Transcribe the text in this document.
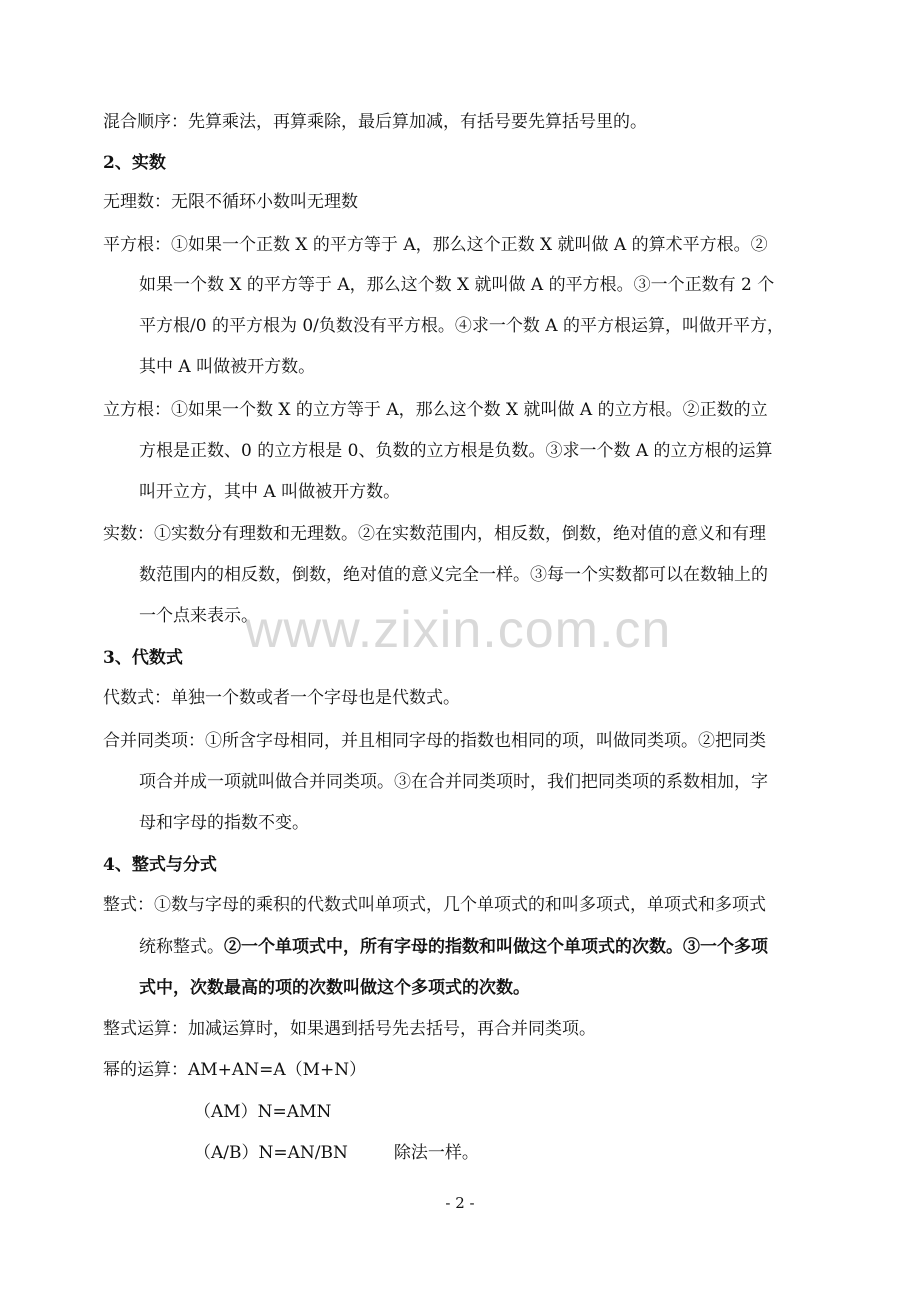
www.zixin.com.cn
混合顺序：先算乘法，再算乘除，最后算加减，有括号要先算括号里的。
2、实数
无理数：无限不循环小数叫无理数
平方根：①如果一个正数 X 的平方等于 A，那么这个正数 X 就叫做 A 的算术平方根。②
如果一个数 X 的平方等于 A，那么这个数 X 就叫做 A 的平方根。③一个正数有 2 个
平方根/0 的平方根为 0/负数没有平方根。④求一个数 A 的平方根运算，叫做开平方，
其中 A 叫做被开方数。
立方根：①如果一个数 X 的立方等于 A，那么这个数 X 就叫做 A 的立方根。②正数的立
方根是正数、0 的立方根是 0、负数的立方根是负数。③求一个数 A 的立方根的运算
叫开立方，其中 A 叫做被开方数。
实数：①实数分有理数和无理数。②在实数范围内，相反数，倒数，绝对值的意义和有理
数范围内的相反数，倒数，绝对值的意义完全一样。③每一个实数都可以在数轴上的
一个点来表示。
3、代数式
代数式：单独一个数或者一个字母也是代数式。
合并同类项：①所含字母相同，并且相同字母的指数也相同的项，叫做同类项。②把同类
项合并成一项就叫做合并同类项。③在合并同类项时，我们把同类项的系数相加，字
母和字母的指数不变。
4、整式与分式
整式：①数与字母的乘积的代数式叫单项式，几个单项式的和叫多项式，单项式和多项式
统称整式。②一个单项式中，所有字母的指数和叫做这个单项式的次数。③一个多项
式中，次数最高的项的次数叫做这个多项式的次数。
整式运算：加减运算时，如果遇到括号先去括号，再合并同类项。
幂的运算：AM+AN=A（M+N）
（AM）N=AMN
（A/B）N=AN/BN	除法一样。
- 2 -
